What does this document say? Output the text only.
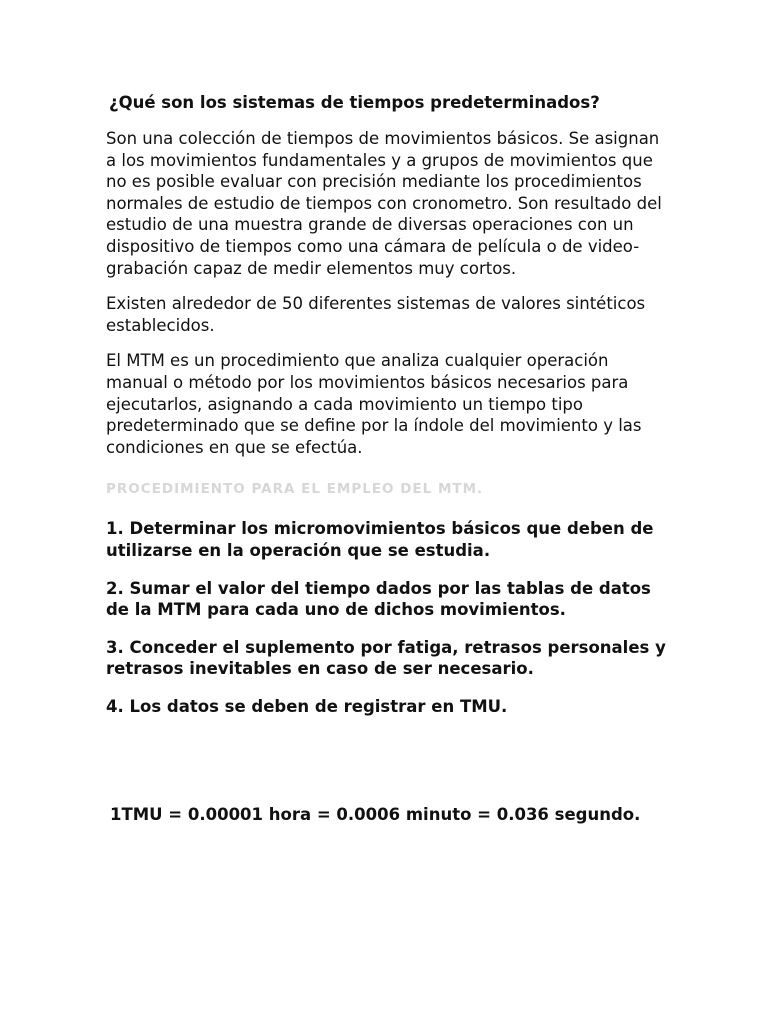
¿Qué son los sistemas de tiempos predeterminados?

Son una colección de tiempos de movimientos básicos. Se asignan a los movimientos fundamentales y a grupos de movimientos que no es posible evaluar con precisión mediante los procedimientos normales de estudio de tiempos con cronometro. Son resultado del estudio de una muestra grande de diversas operaciones con un dispositivo de tiempos como una cámara de película o de video-grabación capaz de medir elementos muy cortos.

Existen alrededor de 50 diferentes sistemas de valores sintéticos establecidos.

El MTM es un procedimiento que analiza cualquier operación manual o método por los movimientos básicos necesarios para ejecutarlos, asignando a cada movimiento un tiempo tipo predeterminado que se define por la índole del movimiento y las condiciones en que se efectúa.

PROCEDIMIENTO PARA EL EMPLEO DEL MTM.
1. Determinar los micromovimientos básicos que deben de utilizarse en la operación que se estudia.
2. Sumar el valor del tiempo dados por las tablas de datos de la MTM para cada uno de dichos movimientos.
3. Conceder el suplemento por fatiga, retrasos personales y retrasos inevitables en caso de ser necesario.
4. Los datos se deben de registrar en TMU.
1TMU = 0.00001 hora = 0.0006 minuto = 0.036 segundo.
